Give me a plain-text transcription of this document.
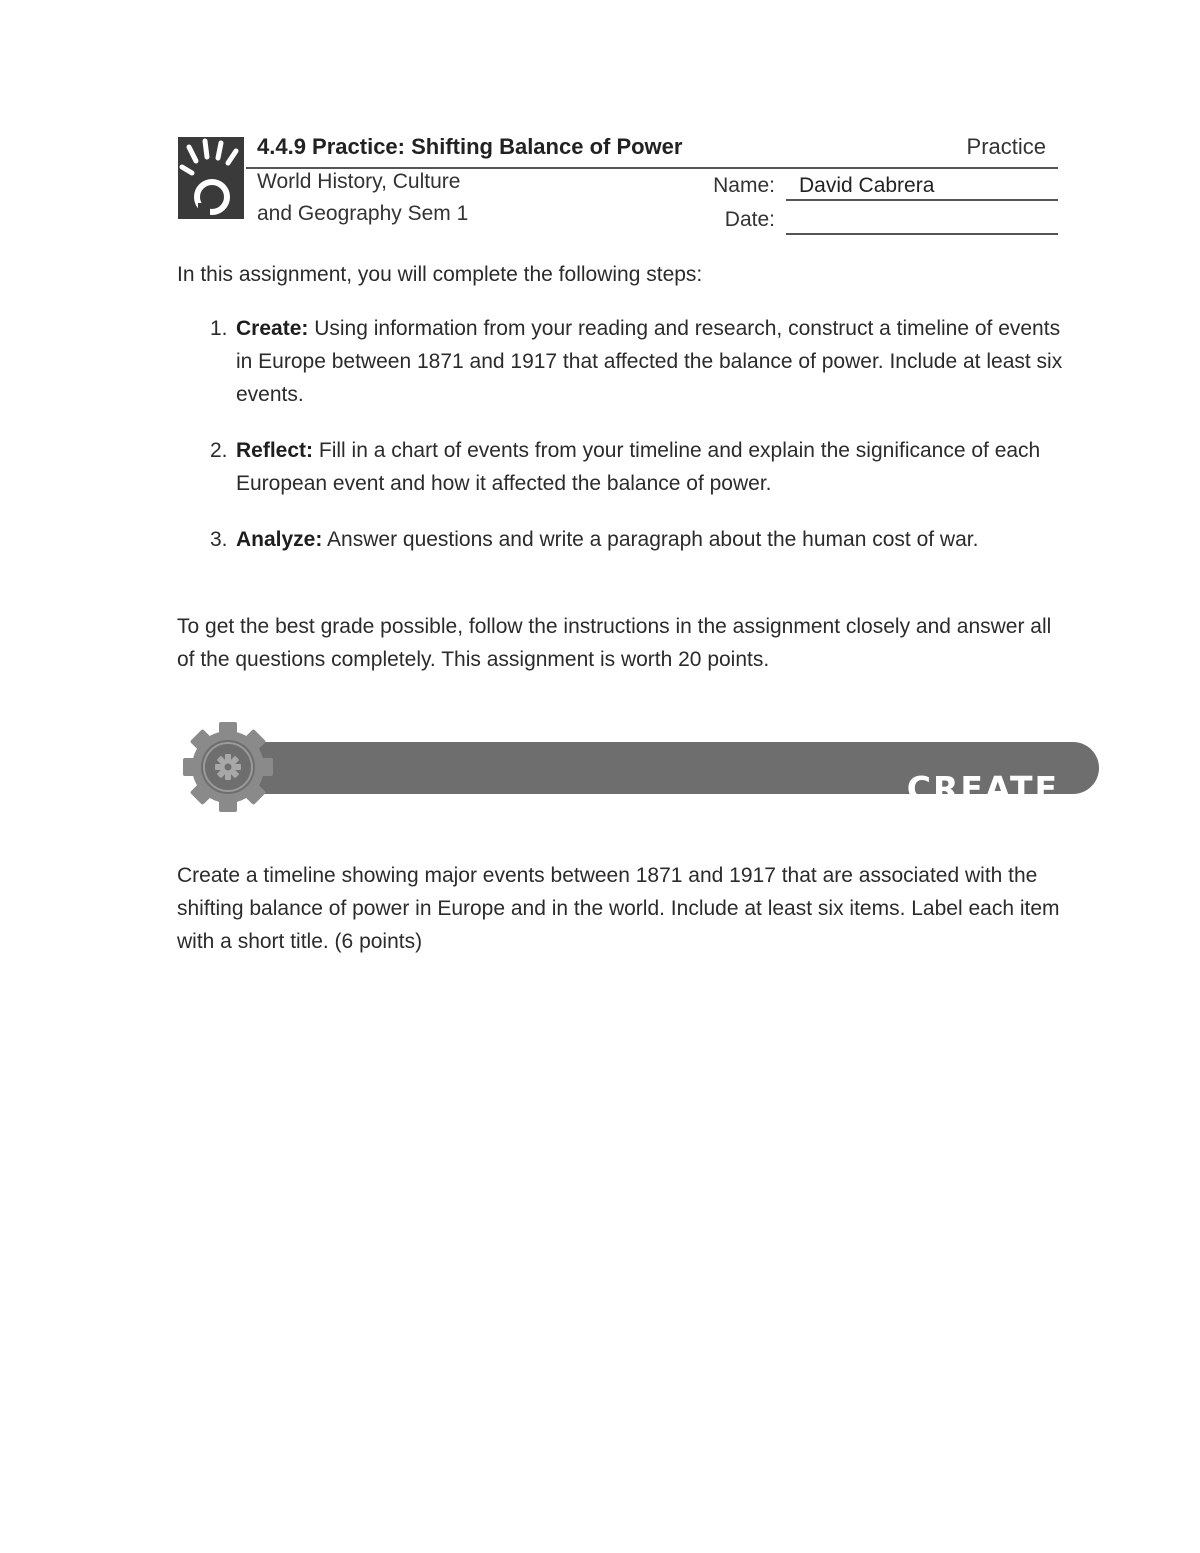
4.4.9 Practice: Shifting Balance of Power	Practice
World History, Culture
and Geography Sem 1
Name: David Cabrera
Date:
In this assignment, you will complete the following steps:
1. Create: Using information from your reading and research, construct a timeline of events in Europe between 1871 and 1917 that affected the balance of power. Include at least six events.
2. Reflect: Fill in a chart of events from your timeline and explain the significance of each European event and how it affected the balance of power.
3. Analyze: Answer questions and write a paragraph about the human cost of war.
To get the best grade possible, follow the instructions in the assignment closely and answer all of the questions completely. This assignment is worth 20 points.
CREATE
Create a timeline showing major events between 1871 and 1917 that are associated with the shifting balance of power in Europe and in the world. Include at least six items. Label each item with a short title. (6 points)
